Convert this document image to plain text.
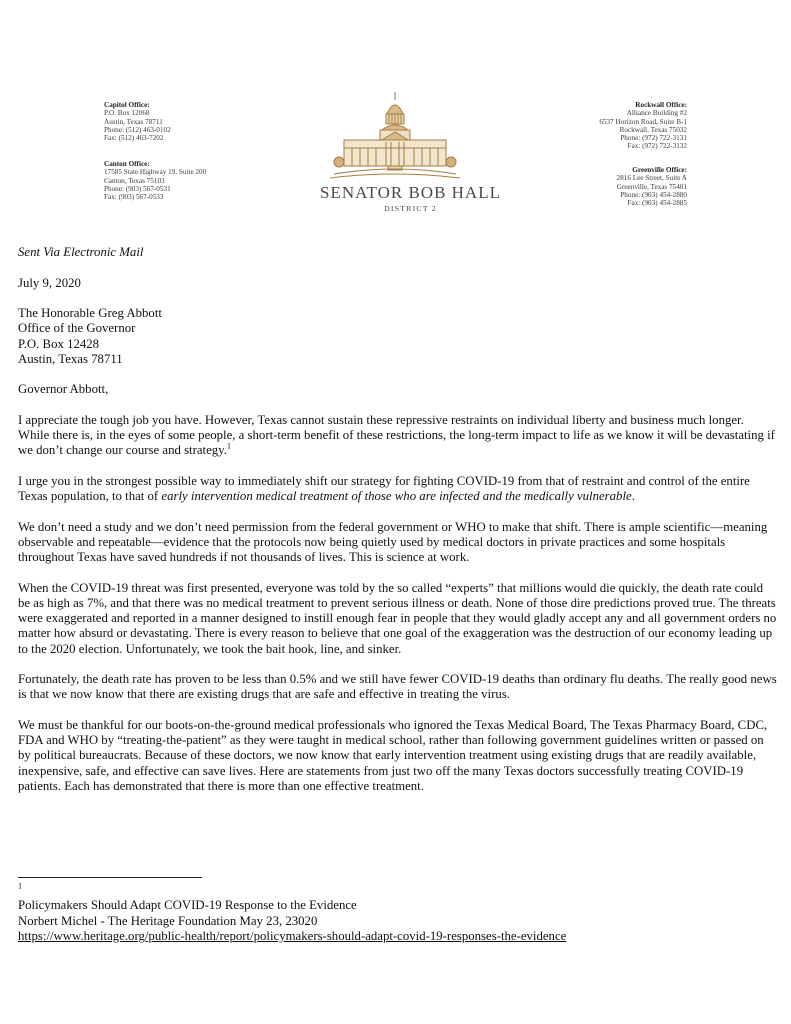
Capitol Office:
P.O. Box 12068
Austin, Texas 78711
Phone: (512) 463-0102
Fax: (512) 463-7202
Canton Office:
17585 State Highway 19, Suite 200
Canton, Texas 75103
Phone: (903) 567-0531
Fax: (903) 567-0533	SENATOR BOB HALL
DISTRICT 2
Rockwall Office:
Alliance Building #2
6537 Horizon Road, Suite B-1
Rockwall, Texas 75032
Phone: (972) 722-3131
Fax: (972) 722-3132
Greenville Office:
2816 Lee Street, Suite A
Greenville, Texas 75401
Phone: (903) 454-2880
Fax: (903) 454-2885

Sent Via Electronic Mail

July 9, 2020

The Honorable Greg Abbott
Office of the Governor
P.O. Box 12428
Austin, Texas 78711

Governor Abbott,

I appreciate the tough job you have. However, Texas cannot sustain these repressive restraints on individual liberty and business much longer. While there is, in the eyes of some people, a short-term benefit of these restrictions, the long-term impact to life as we know it will be devastating if we don’t change our course and strategy.$^1$

I urge you in the strongest possible way to immediately shift our strategy for fighting COVID-19 from that of restraint and control of the entire Texas population, to that of early intervention medical treatment of those who are infected and the medically vulnerable.

We don’t need a study and we don’t need permission from the federal government or WHO to make that shift. There is ample scientific—meaning observable and repeatable—evidence that the protocols now being quietly used by medical doctors in private practices and some hospitals throughout Texas have saved hundreds if not thousands of lives. This is science at work.

When the COVID-19 threat was first presented, everyone was told by the so called “experts” that millions would die quickly, the death rate could be as high as 7%, and that there was no medical treatment to prevent serious illness or death. None of those dire predictions proved true. The threats were exaggerated and reported in a manner designed to instill enough fear in people that they would gladly accept any and all government orders no matter how absurd or devastating. There is every reason to believe that one goal of the exaggeration was the destruction of our economy leading up to the 2020 election. Unfortunately, we took the bait hook, line, and sinker.

Fortunately, the death rate has proven to be less than 0.5% and we still have fewer COVID-19 deaths than ordinary flu deaths. The really good news is that we now know that there are existing drugs that are safe and effective in treating the virus.

We must be thankful for our boots-on-the-ground medical professionals who ignored the Texas Medical Board, The Texas Pharmacy Board, CDC, FDA and WHO by “treating-the-patient” as they were taught in medical school, rather than following government guidelines written or passed on by political bureaucrats. Because of these doctors, we now know that early intervention treatment using existing drugs that are readily available, inexpensive, safe, and effective can save lives. Here are statements from just two off the many Texas doctors successfully treating COVID-19 patients. Each has demonstrated that there is more than one effective treatment.

$^1$
Policymakers Should Adapt COVID-19 Response to the Evidence
Norbert Michel - The Heritage Foundation May 23, 23020
https://www.heritage.org/public-health/report/policymakers-should-adapt-covid-19-responses-the-evidence
